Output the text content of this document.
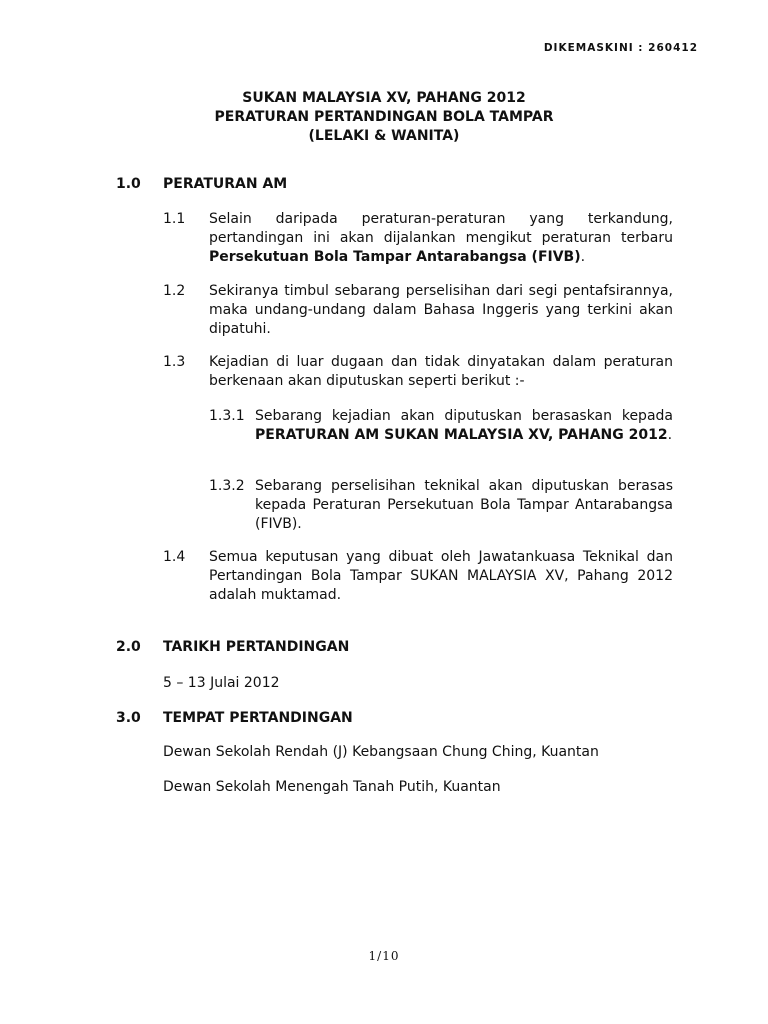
DIKEMASKINI : 260412
SUKAN MALAYSIA XV, PAHANG 2012
PERATURAN PERTANDINGAN BOLA TAMPAR
(LELAKI & WANITA)
1.0 PERATURAN AM
1.1 Selain daripada peraturan-peraturan yang terkandung, pertandingan ini akan dijalankan mengikut peraturan terbaru Persekutuan Bola Tampar Antarabangsa (FIVB).
1.2 Sekiranya timbul sebarang perselisihan dari segi pentafsirannya, maka undang-undang dalam Bahasa Inggeris yang terkini akan dipatuhi.
1.3 Kejadian di luar dugaan dan tidak dinyatakan dalam peraturan berkenaan akan diputuskan seperti berikut :-
1.3.1 Sebarang kejadian akan diputuskan berasaskan kepada PERATURAN AM SUKAN MALAYSIA XV, PAHANG 2012.
1.3.2 Sebarang perselisihan teknikal akan diputuskan berasas kepada Peraturan Persekutuan Bola Tampar Antarabangsa (FIVB).
1.4 Semua keputusan yang dibuat oleh Jawatankuasa Teknikal dan Pertandingan Bola Tampar SUKAN MALAYSIA XV, Pahang 2012 adalah muktamad.
2.0 TARIKH PERTANDINGAN
5 – 13 Julai 2012
3.0 TEMPAT PERTANDINGAN
Dewan Sekolah Rendah (J) Kebangsaan Chung Ching, Kuantan
Dewan Sekolah Menengah Tanah Putih, Kuantan
1/10
